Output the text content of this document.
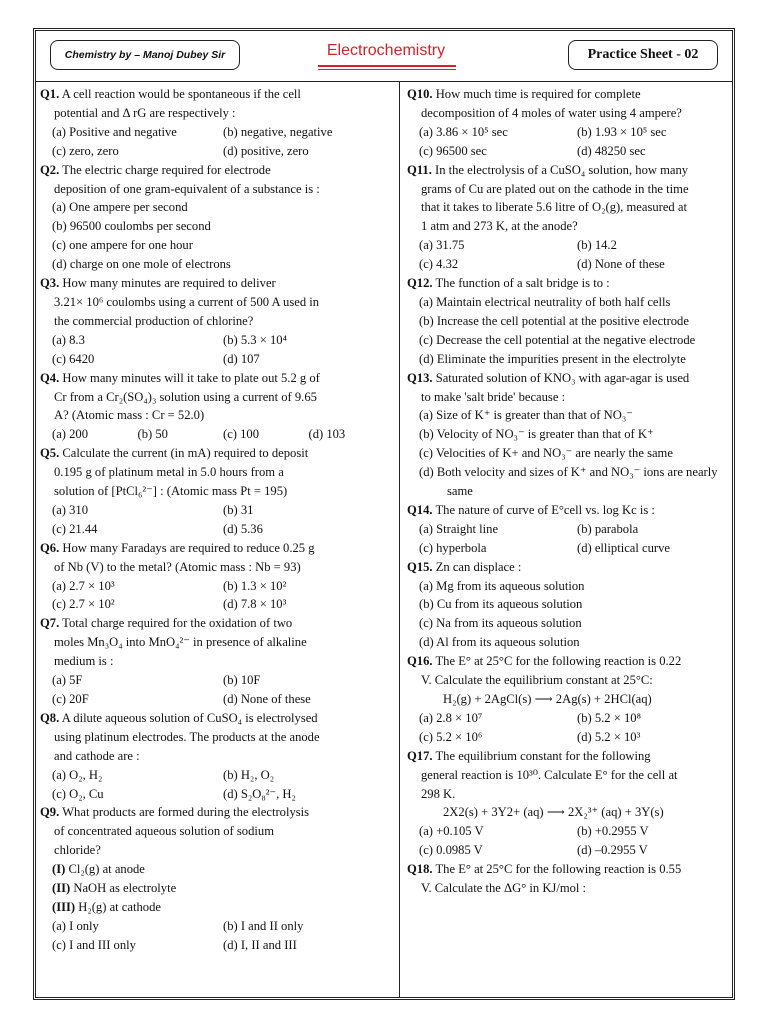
Chemistry by – Manoj Dubey Sir	Electrochemistry	Practice Sheet - 02
Q1. A cell reaction would be spontaneous if the cell
potential and Δ rG are respectively :
(a) Positive and negative	(b) negative, negative
(c) zero, zero	(d) positive, zero
Q2. The electric charge required for electrode
deposition of one gram-equivalent of a substance is :
(a) One ampere per second
(b) 96500 coulombs per second
(c) one ampere for one hour
(d) charge on one mole of electrons
Q3. How many minutes are required to deliver
3.21× 10⁶ coulombs using a current of 500 A used in
the commercial production of chlorine?
(a) 8.3	(b) 5.3 × 10⁴
(c) 6420	(d) 107
Q4. How many minutes will it take to plate out 5.2 g of
Cr from a Cr₂(SO₄)₃ solution using a current of 9.65
A? (Atomic mass : Cr = 52.0)
(a) 200	(b) 50	(c) 100	(d) 103
Q5. Calculate the current (in mA) required to deposit
0.195 g of platinum metal in 5.0 hours from a
solution of [PtCl₆²⁻] : (Atomic mass Pt = 195)
(a) 310	(b) 31
(c) 21.44	(d) 5.36
Q6. How many Faradays are required to reduce 0.25 g
of Nb (V) to the metal? (Atomic mass : Nb = 93)
(a) 2.7 × 10³	(b) 1.3 × 10²
(c) 2.7 × 10²	(d) 7.8 × 10³
Q7. Total charge required for the oxidation of two
moles Mn₃O₄ into MnO₄²⁻ in presence of alkaline
medium is :
(a) 5F	(b) 10F
(c) 20F	(d) None of these
Q8. A dilute aqueous solution of CuSO₄ is electrolysed
using platinum electrodes. The products at the anode
and cathode are :
(a) O₂, H₂	(b) H₂, O₂
(c) O₂, Cu	(d) S₂O₈²⁻, H₂
Q9. What products are formed during the electrolysis
of concentrated aqueous solution of sodium
chloride?
(I) Cl₂(g) at anode
(II) NaOH as electrolyte
(III) H₂(g) at cathode
(a) I only	(b) I and II only
(c) I and III only	(d) I, II and III
Q10. How much time is required for complete
decomposition of 4 moles of water using 4 ampere?
(a) 3.86 × 10⁵ sec	(b) 1.93 × 10⁵ sec
(c) 96500 sec	(d) 48250 sec
Q11. In the electrolysis of a CuSO₄ solution, how many
grams of Cu are plated out on the cathode in the time
that it takes to liberate 5.6 litre of O₂(g), measured at
1 atm and 273 K, at the anode?
(a) 31.75	(b) 14.2
(c) 4.32	(d) None of these
Q12. The function of a salt bridge is to :
(a) Maintain electrical neutrality of both half cells
(b) Increase the cell potential at the positive electrode
(c) Decrease the cell potential at the negative electrode
(d) Eliminate the impurities present in the electrolyte
Q13. Saturated solution of KNO₃ with agar-agar is used
to make 'salt bride' because :
(a) Size of K⁺ is greater than that of NO₃⁻
(b) Velocity of NO₃⁻ is greater than that of K⁺
(c) Velocities of K+ and NO₃⁻ are nearly the same
(d) Both velocity and sizes of K⁺ and NO₃⁻ ions are nearly same
Q14. The nature of curve of E°cell vs. log Kc is :
(a) Straight line	(b) parabola
(c) hyperbola	(d) elliptical curve
Q15. Zn can displace :
(a) Mg from its aqueous solution
(b) Cu from its aqueous solution
(c) Na from its aqueous solution
(d) Al from its aqueous solution
Q16. The E° at 25°C for the following reaction is 0.22
V. Calculate the equilibrium constant at 25°C:
H₂(g) + 2AgCl(s) ⟶ 2Ag(s) + 2HCl(aq)
(a) 2.8 × 10⁷	(b) 5.2 × 10⁸
(c) 5.2 × 10⁶	(d) 5.2 × 10³
Q17. The equilibrium constant for the following
general reaction is 10³⁰. Calculate E° for the cell at
298 K.
2X2(s) + 3Y2+ (aq) ⟶ 2X₂³⁺ (aq) + 3Y(s)
(a) +0.105 V	(b) +0.2955 V
(c) 0.0985 V	(d) –0.2955 V
Q18. The E° at 25°C for the following reaction is 0.55
V. Calculate the ΔG° in KJ/mol :
